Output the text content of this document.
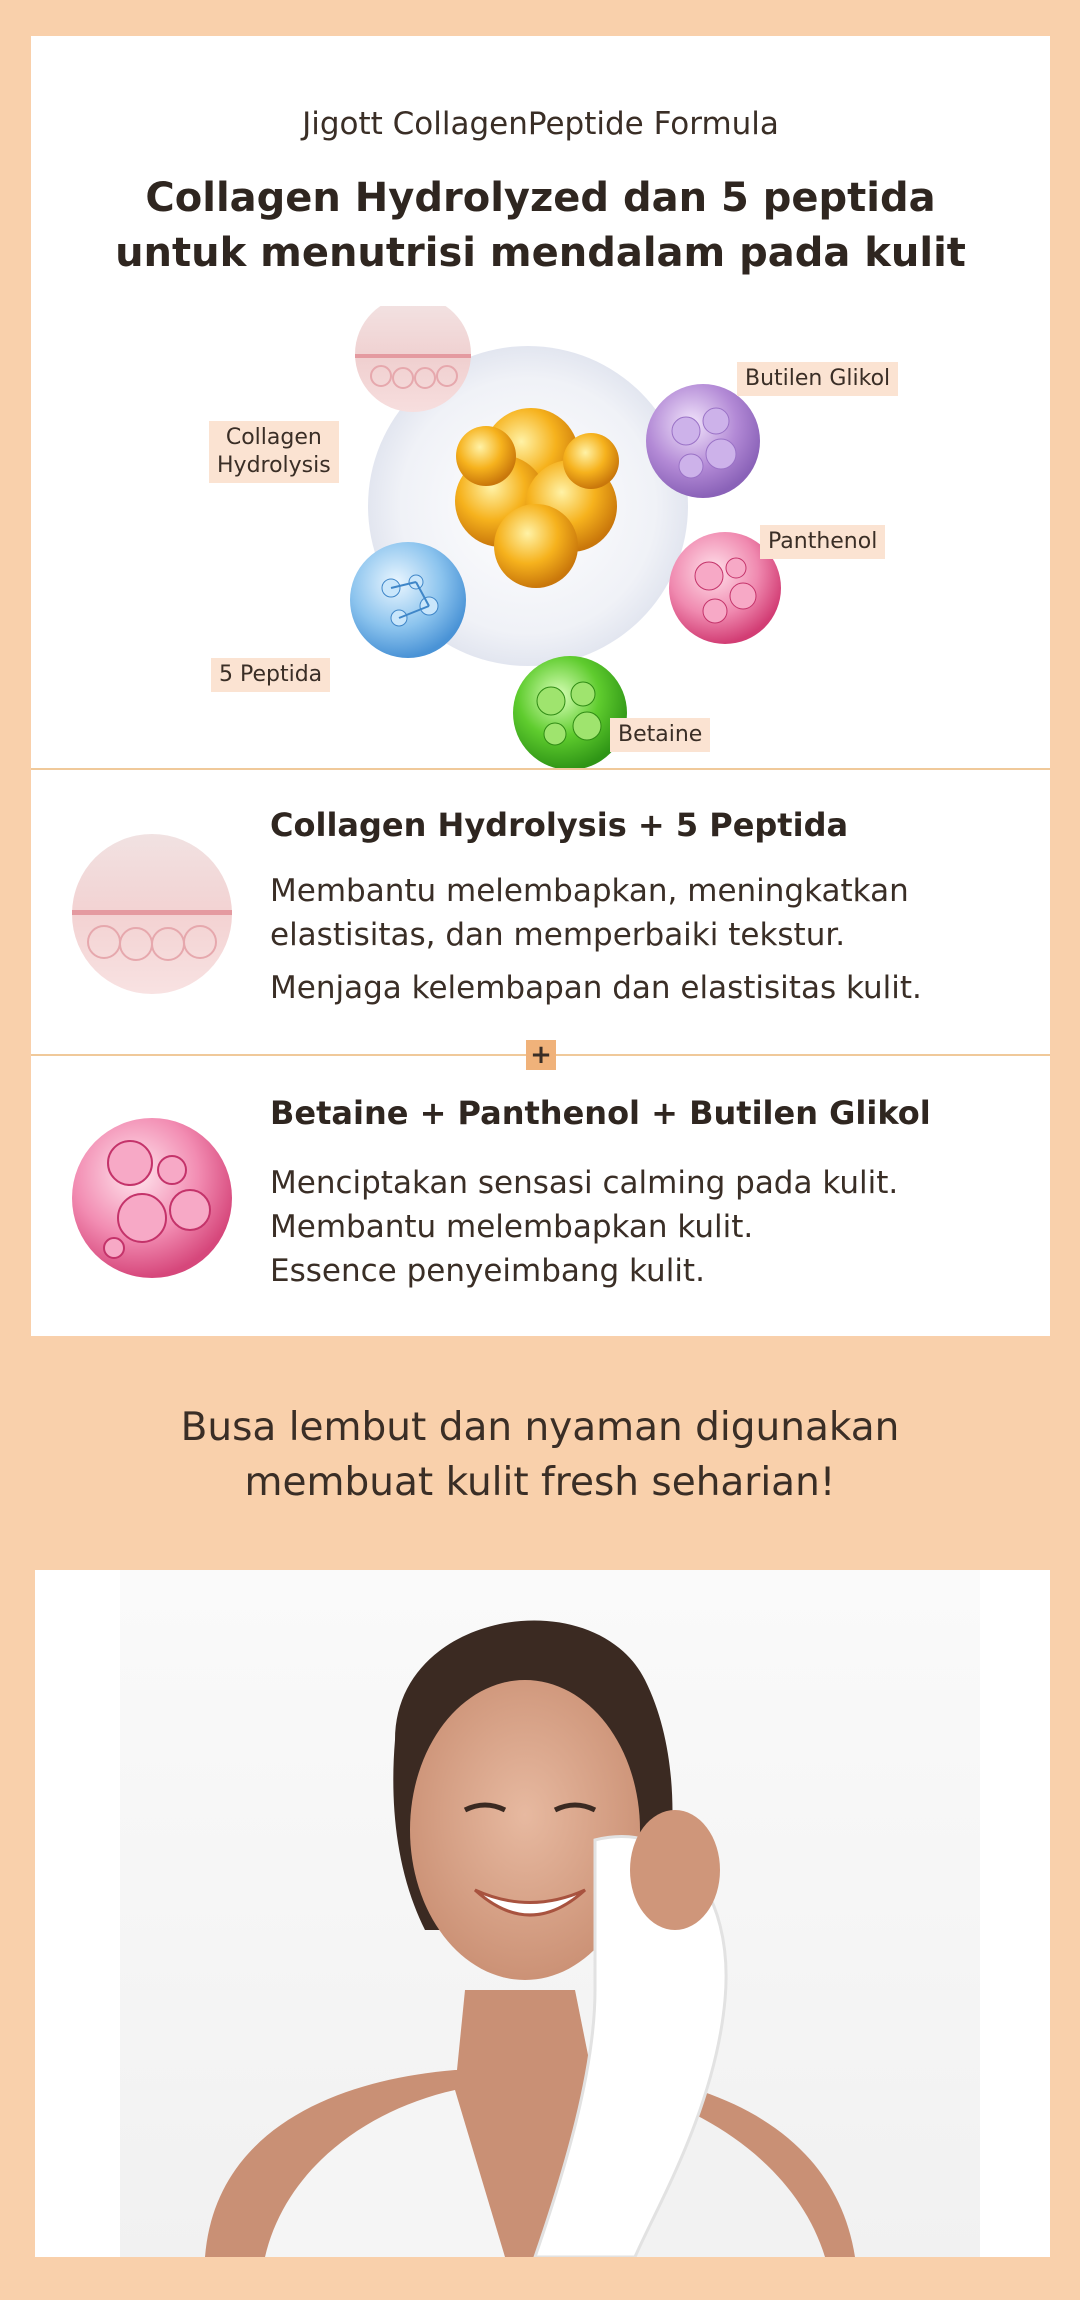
Jigott CollagenPeptide Formula
Collagen Hydrolyzed dan 5 peptida
untuk menutrisi mendalam pada kulit
Collagen
Hydrolysis
Butilen Glikol
Panthenol
5 Peptida
Betaine
Collagen Hydrolysis + 5 Peptida
Membantu melembapkan, meningkatkan
elastisitas, dan memperbaiki tekstur.
Menjaga kelembapan dan elastisitas kulit.
+
Betaine + Panthenol + Butilen Glikol
Menciptakan sensasi calming pada kulit.
Membantu melembapkan kulit.
Essence penyeimbang kulit.
Busa lembut dan nyaman digunakan
membuat kulit fresh seharian!
